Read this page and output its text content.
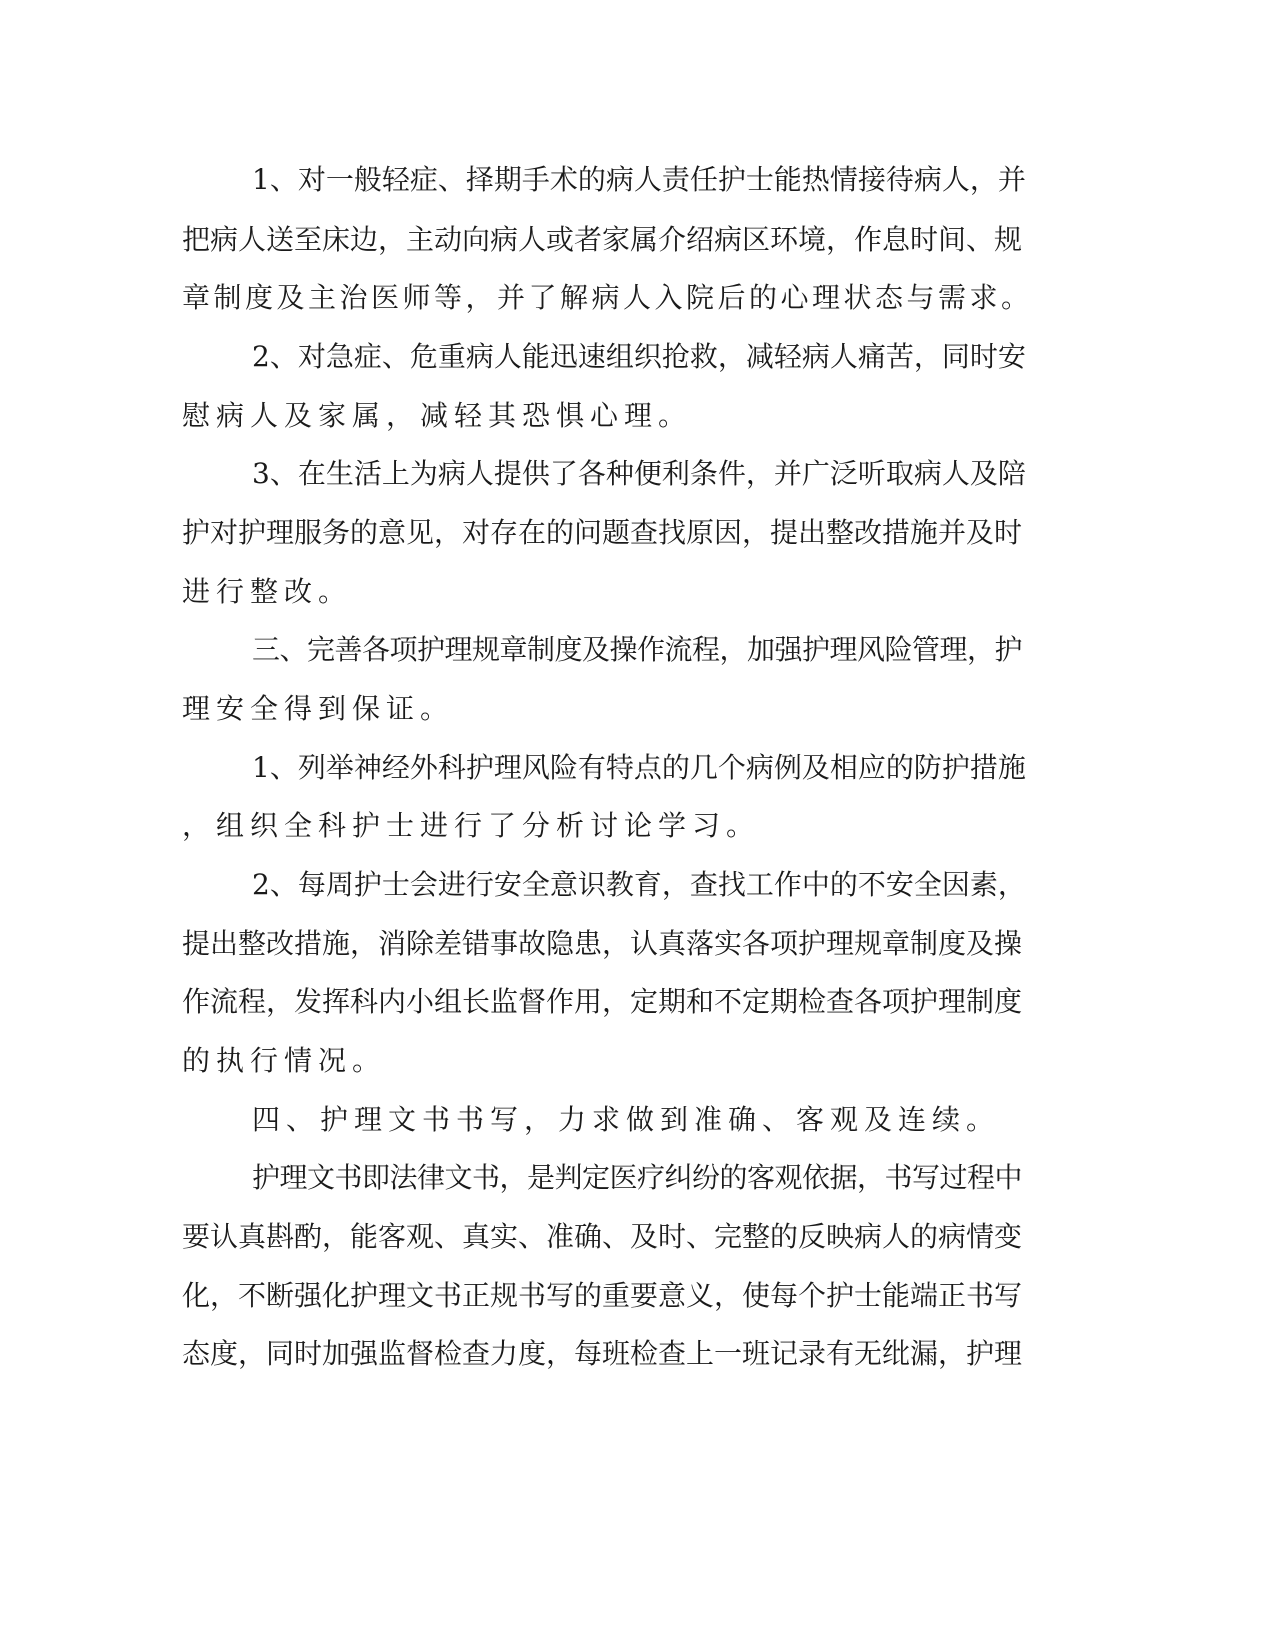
1、对一般轻症、择期手术的病人责任护士能热情接待病人，并
把病人送至床边，主动向病人或者家属介绍病区环境，作息时间、规
章制度及主治医师等，并了解病人入院后的心理状态与需求。
2、对急症、危重病人能迅速组织抢救，减轻病人痛苦，同时安
慰病人及家属，减轻其恐惧心理。
3、在生活上为病人提供了各种便利条件，并广泛听取病人及陪
护对护理服务的意见，对存在的问题查找原因，提出整改措施并及时
进行整改。
三、完善各项护理规章制度及操作流程，加强护理风险管理，护
理安全得到保证。
1、列举神经外科护理风险有特点的几个病例及相应的防护措施
，组织全科护士进行了分析讨论学习。
2、每周护士会进行安全意识教育，查找工作中的不安全因素，
提出整改措施，消除差错事故隐患，认真落实各项护理规章制度及操
作流程，发挥科内小组长监督作用，定期和不定期检查各项护理制度
的执行情况。
四、护理文书书写，力求做到准确、客观及连续。
护理文书即法律文书，是判定医疗纠纷的客观依据，书写过程中
要认真斟酌，能客观、真实、准确、及时、完整的反映病人的病情变
化，不断强化护理文书正规书写的重要意义，使每个护士能端正书写
态度，同时加强监督检查力度，每班检查上一班记录有无纰漏，护理
